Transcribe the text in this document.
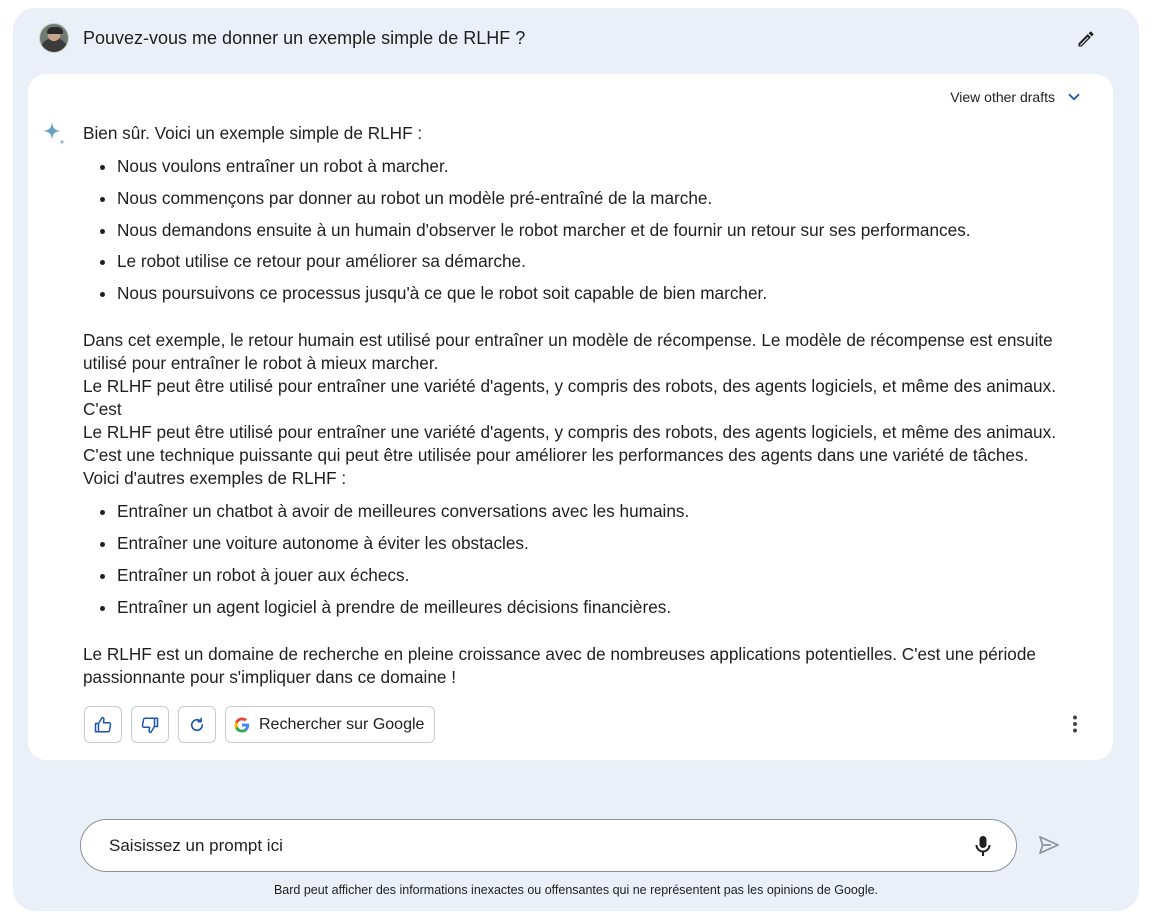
Pouvez-vous me donner un exemple simple de RLHF ?
View other drafts

Bien sûr. Voici un exemple simple de RLHF :

• Nous voulons entraîner un robot à marcher.
• Nous commençons par donner au robot un modèle pré-entraîné de la marche.
• Nous demandons ensuite à un humain d'observer le robot marcher et de fournir un retour sur ses performances.
• Le robot utilise ce retour pour améliorer sa démarche.
• Nous poursuivons ce processus jusqu'à ce que le robot soit capable de bien marcher.

Dans cet exemple, le retour humain est utilisé pour entraîner un modèle de récompense. Le modèle de récompense est ensuite utilisé pour entraîner le robot à mieux marcher.

Le RLHF peut être utilisé pour entraîner une variété d'agents, y compris des robots, des agents logiciels, et même des animaux. C'est

Le RLHF peut être utilisé pour entraîner une variété d'agents, y compris des robots, des agents logiciels, et même des animaux. C'est une technique puissante qui peut être utilisée pour améliorer les performances des agents dans une variété de tâches.

Voici d'autres exemples de RLHF :

• Entraîner un chatbot à avoir de meilleures conversations avec les humains.
• Entraîner une voiture autonome à éviter les obstacles.
• Entraîner un robot à jouer aux échecs.
• Entraîner un agent logiciel à prendre de meilleures décisions financières.

Le RLHF est un domaine de recherche en pleine croissance avec de nombreuses applications potentielles. C'est une période passionnante pour s'impliquer dans ce domaine !

Rechercher sur Google
Saisissez un prompt ici
Bard peut afficher des informations inexactes ou offensantes qui ne représentent pas les opinions de Google.
